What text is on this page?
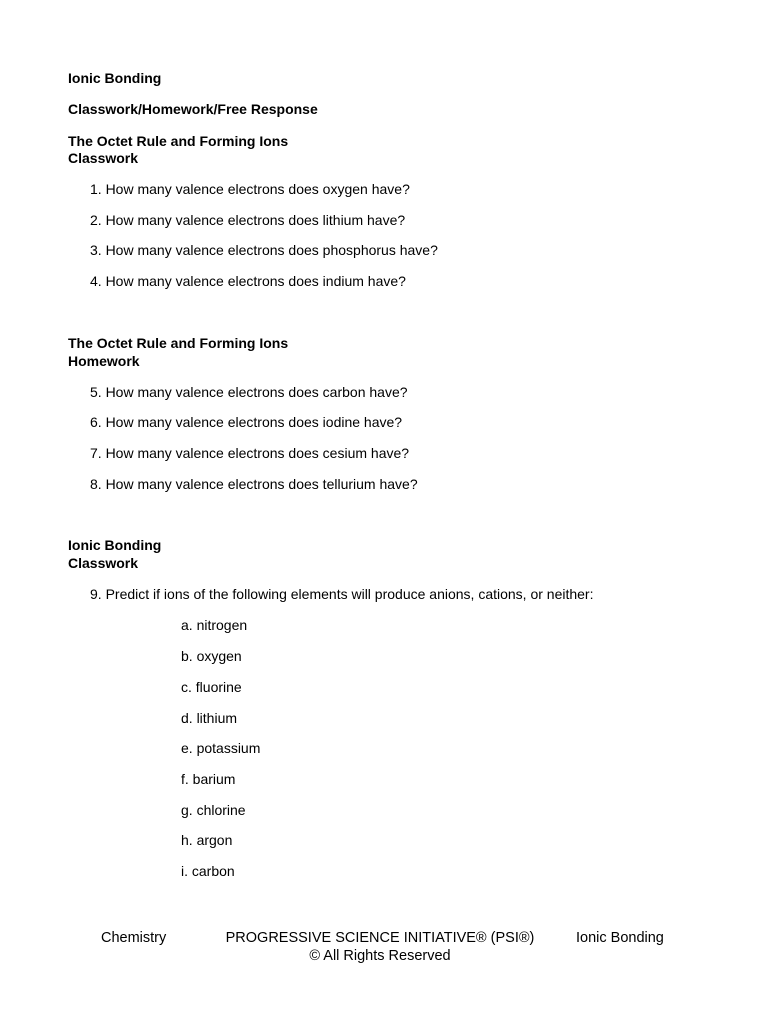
Ionic Bonding
Classwork/Homework/Free Response
The Octet Rule and Forming Ions
Classwork
1. How many valence electrons does oxygen have?
2. How many valence electrons does lithium have?
3. How many valence electrons does phosphorus have?
4. How many valence electrons does indium have?
The Octet Rule and Forming Ions
Homework
5. How many valence electrons does carbon have?
6. How many valence electrons does iodine have?
7. How many valence electrons does cesium have?
8. How many valence electrons does tellurium have?
Ionic Bonding
Classwork
9. Predict if ions of the following elements will produce anions, cations, or neither:
a. nitrogen
b. oxygen
c. fluorine
d. lithium
e. potassium
f. barium
g. chlorine
h. argon
i. carbon
Chemistry	PROGRESSIVE SCIENCE INITIATIVE® (PSI®)
© All Rights Reserved
Ionic Bonding
